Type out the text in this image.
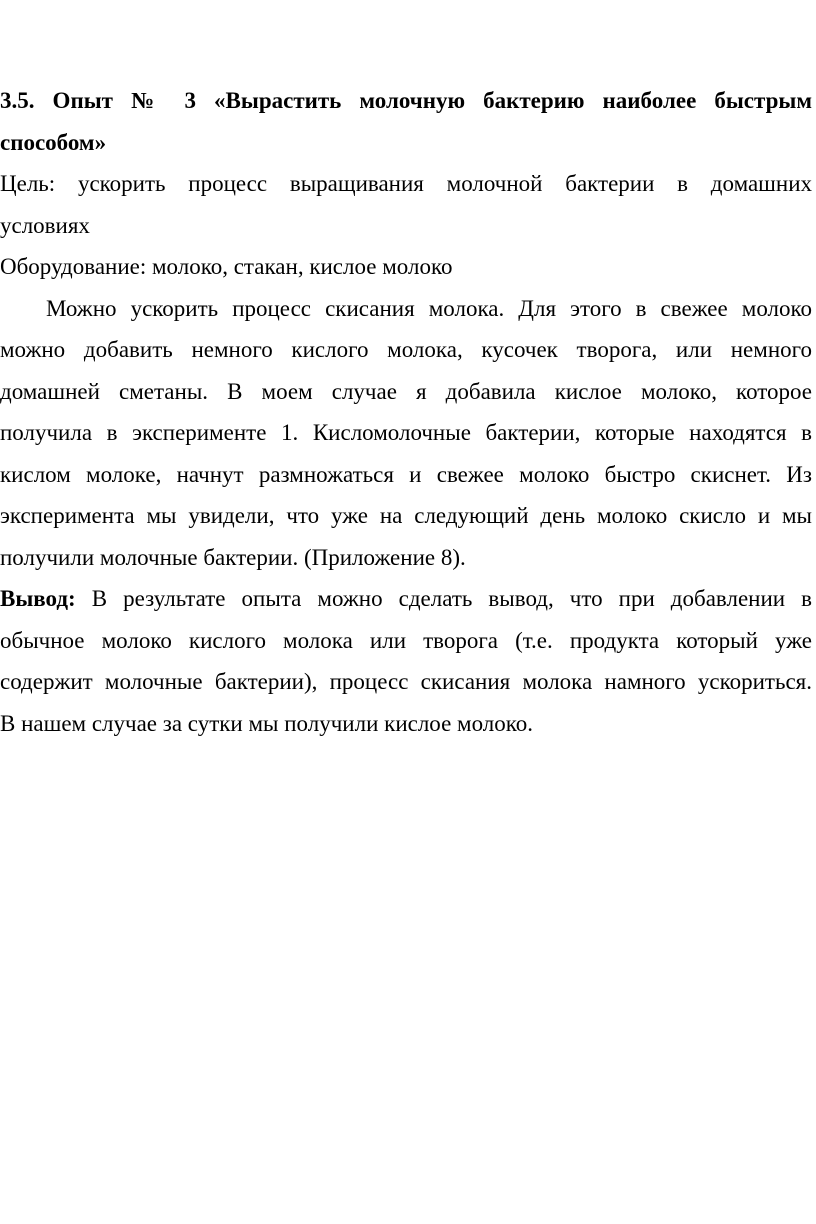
3.5. Опыт № 3 «Вырастить молочную бактерию наиболее быстрым
способом»
Цель: ускорить процесс выращивания молочной бактерии в домашних
условиях
Оборудование: молоко, стакан, кислое молоко
Можно ускорить процесс скисания молока. Для этого в свежее молоко
можно добавить немного кислого молока, кусочек творога, или немного
домашней сметаны. В моем случае я добавила кислое молоко, которое
получила в эксперименте 1. Кисломолочные бактерии, которые находятся в
кислом молоке, начнут размножаться и свежее молоко быстро скиснет. Из
эксперимента мы увидели, что уже на следующий день молоко скисло и мы
получили молочные бактерии. (Приложение 8).
Вывод: В результате опыта можно сделать вывод, что при добавлении в
обычное молоко кислого молока или творога (т.е. продукта который уже
содержит молочные бактерии), процесс скисания молока намного ускориться.
В нашем случае за сутки мы получили кислое молоко.
